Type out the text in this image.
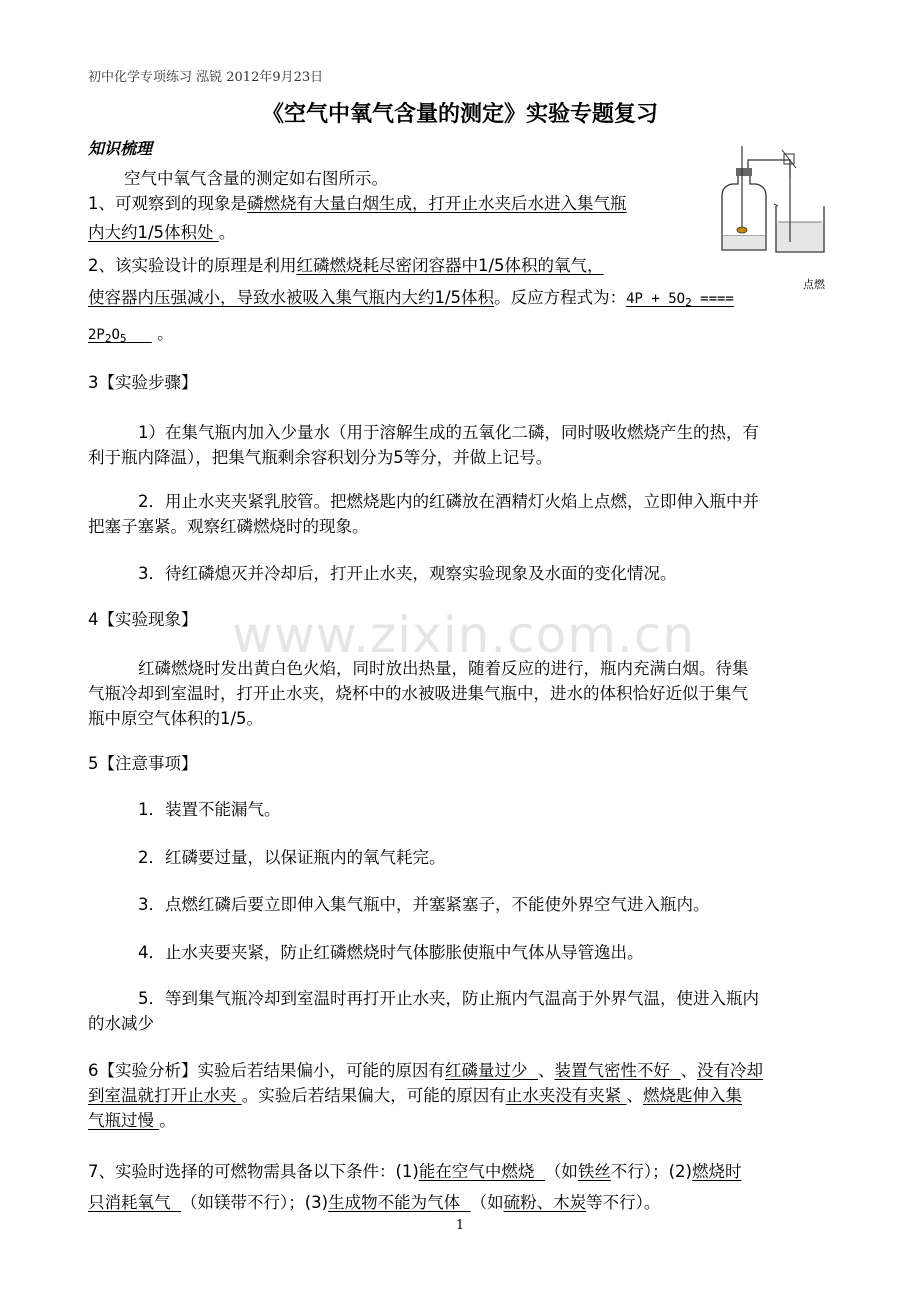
初中化学专项练习 泓锐 2012年9月23日
《空气中氧气含量的测定》实验专题复习
知识梳理
空气中氧气含量的测定如右图所示。
1、可观察到的现象是磷燃烧有大量白烟生成，打开止水夹后水进入集气瓶
内大约1/5体积处 。
2、该实验设计的原理是利用红磷燃烧耗尽密闭容器中1/5体积的氧气，
使容器内压强减小，导致水被吸入集气瓶内大约1/5体积。反应方程式为：$4P + 5O_2$ ====
点燃
$2P_2O_5$ 。
3【实验步骤】
1）在集气瓶内加入少量水（用于溶解生成的五氧化二磷，同时吸收燃烧产生的热，有
利于瓶内降温），把集气瓶剩余容积划分为5等分，并做上记号。
2．用止水夹夹紧乳胶管。把燃烧匙内的红磷放在酒精灯火焰上点燃，立即伸入瓶中并
把塞子塞紧。观察红磷燃烧时的现象。
3．待红磷熄灭并冷却后，打开止水夹，观察实验现象及水面的变化情况。
4【实验现象】
红磷燃烧时发出黄白色火焰，同时放出热量，随着反应的进行，瓶内充满白烟。待集
气瓶冷却到室温时，打开止水夹，烧杯中的水被吸进集气瓶中，进水的体积恰好近似于集气
瓶中原空气体积的1/5。
5【注意事项】
1．装置不能漏气。
2．红磷要过量，以保证瓶内的氧气耗完。
3．点燃红磷后要立即伸入集气瓶中，并塞紧塞子，不能使外界空气进入瓶内。
4．止水夹要夹紧，防止红磷燃烧时气体膨胀使瓶中气体从导管逸出。
5．等到集气瓶冷却到室温时再打开止水夹，防止瓶内气温高于外界气温，使进入瓶内
的水减少
6【实验分析】实验后若结果偏小，可能的原因有红磷量过少 、装置气密性不好 、没有冷却
到室温就打开止水夹 。实验后若结果偏大，可能的原因有止水夹没有夹紧 、燃烧匙伸入集
气瓶过慢 。
7、实验时选择的可燃物需具备以下条件：(1)能在空气中燃烧 （如铁丝不行）；(2)燃烧时
只消耗氧气 （如镁带不行）；(3)生成物不能为气体 （如硫粉、木炭等不行）。
www.zixin.com.cn
1
